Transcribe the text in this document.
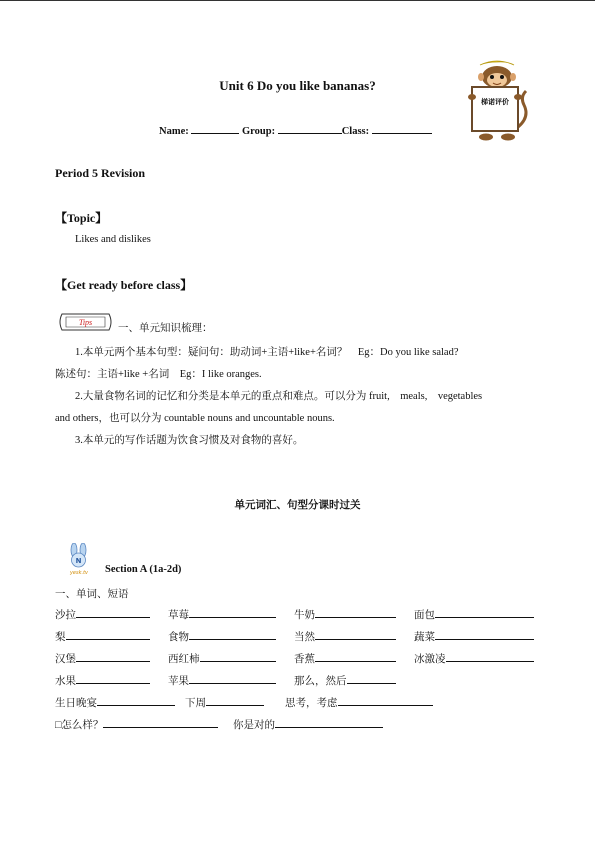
Unit 6 Do you like bananas?
Name:	Group:	Class:
梯诺评价
Period 5 Revision
【Topic】
Likes and dislikes
【Get ready before class】
Tips
一、单元知识梳理：
1.本单元两个基本句型：疑问句：助动词+主语+like+名词？　Eg：Do you like salad?
陈述句：主语+like +名词　Eg：I like oranges.
2.大量食物名词的记忆和分类是本单元的重点和难点。可以分为 fruit,　meals,　vegetables
and others，也可以分为 countable nouns and uncountable nouns.
3.本单元的写作话题为饮食习惯及对食物的喜好。
单元词汇、句型分课时过关
N
yesk.tv Section A (1a-2d)
一、单词、短语
沙拉	草莓	牛奶	面包
梨	食物	当然	蔬菜
汉堡	西红柿	香蕉	冰激凌
水果	苹果	那么，然后
生日晚宴	下周	思考，考虑
□怎么样？	你是对的
